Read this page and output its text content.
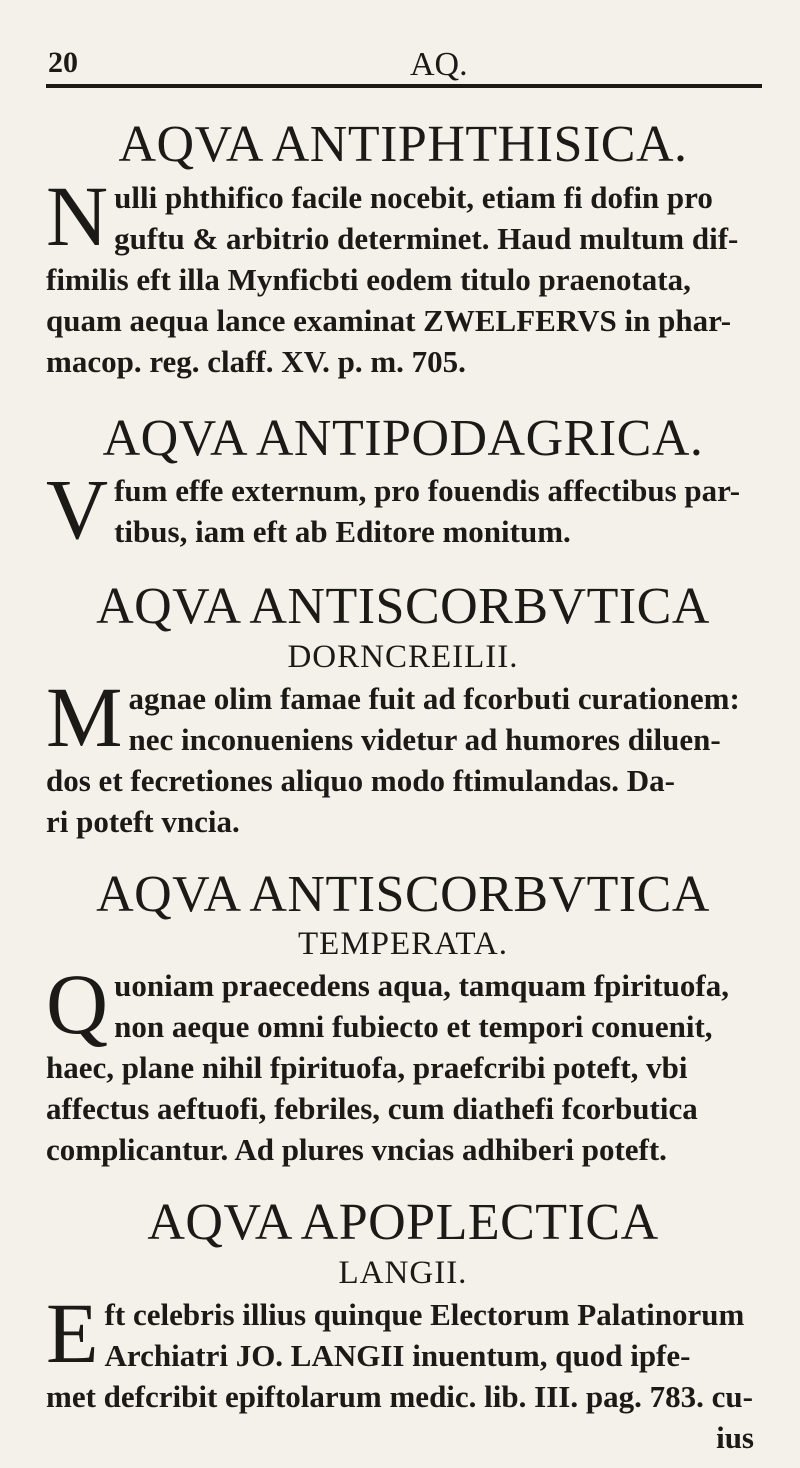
20	AQ.
AQVA ANTIPHTHISICA.
N ulli phthifico facile nocebit, etiam fi dofin pro
guftu & arbitrio determinet. Haud multum dif-
fimilis eft illa Mynficbti eodem titulo praenotata,
quam aequa lance examinat ZWELFERVS in phar-
macop. reg. claff. XV. p. m. 705.
AQVA ANTIPODAGRICA.
V fum effe externum, pro fouendis affectibus par-
tibus, iam eft ab Editore monitum.
AQVA ANTISCORBVTICA
DORNCREILII.
M agnae olim famae fuit ad fcorbuti curationem:
nec inconueniens videtur ad humores diluen-
dos et fecretiones aliquo modo ftimulandas. Da-
ri poteft vncia.
AQVA ANTISCORBVTICA
TEMPERATA.
Q uoniam praecedens aqua, tamquam fpirituofa,
non aeque omni fubiecto et tempori conuenit,
haec, plane nihil fpirituofa, praefcribi poteft, vbi
affectus aeftuofi, febriles, cum diathefi fcorbutica
complicantur. Ad plures vncias adhiberi poteft.
AQVA APOPLECTICA
LANGII.
E ft celebris illius quinque Electorum Palatinorum
Archiatri JO. LANGII inuentum, quod ipfe-
met defcribit epiftolarum medic. lib. III. pag. 783. cu-
ius
